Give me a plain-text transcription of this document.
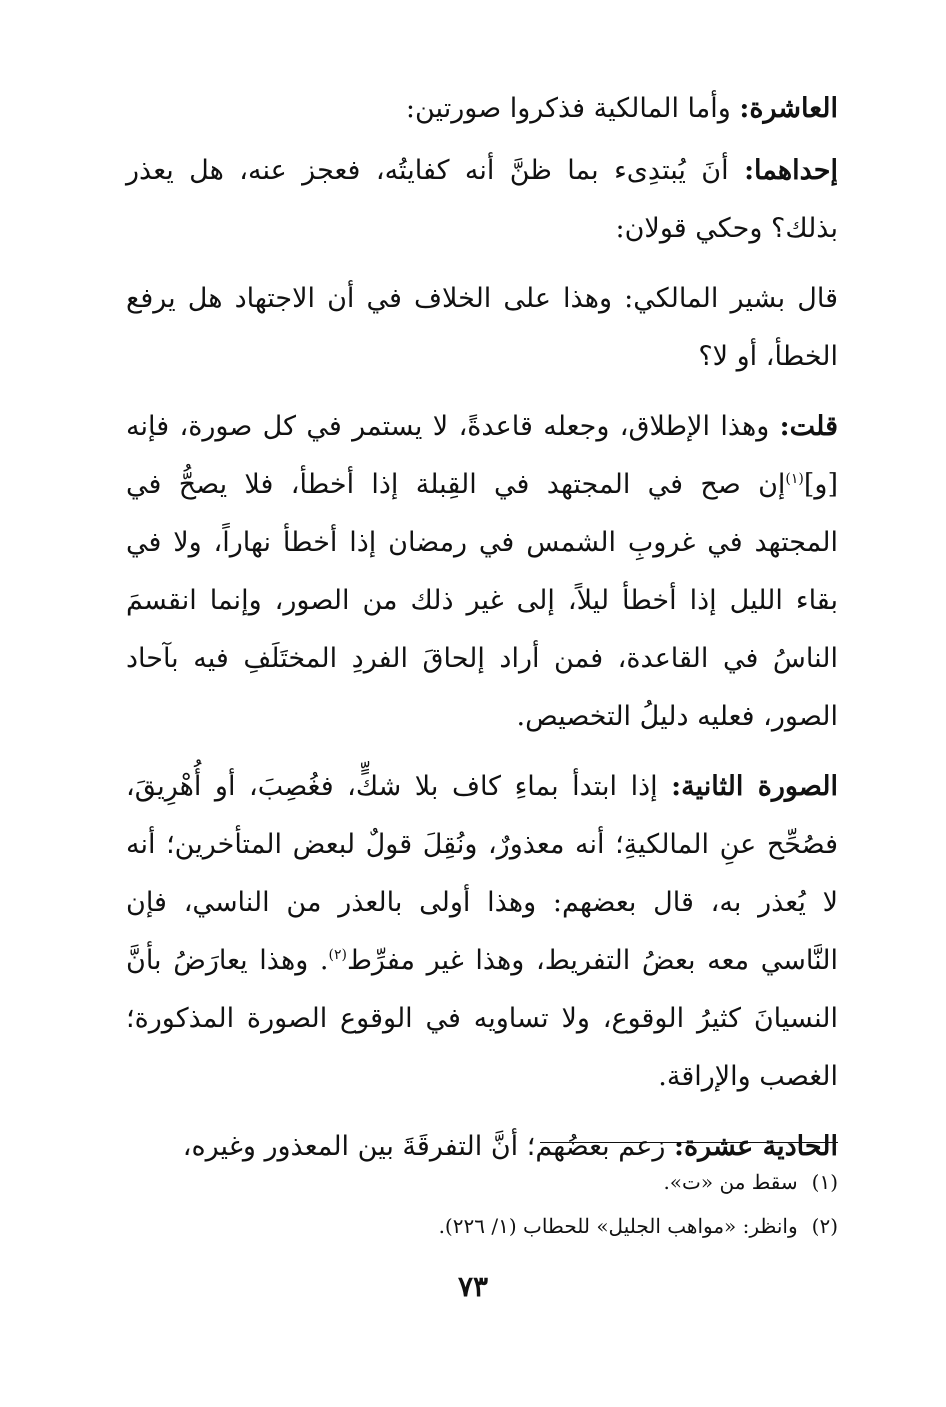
العاشرة: وأما المالكية فذكروا صورتين:

إحداهما: أنَ يُبتدِىء بما ظنَّ أنه كفايتُه، فعجز عنه، هل يعذر بذلك؟ وحكي قولان:

قال بشير المالكي: وهذا على الخلاف في أن الاجتهاد هل يرفع الخطأ، أو لا؟

قلت: وهذا الإطلاق، وجعله قاعدةً، لا يستمر في كل صورة، فإنه [و]$^{(١)}$إن صح في المجتهد في القِبلة إذا أخطأ، فلا يصحُّ في المجتهد في غروبِ الشمس في رمضان إذا أخطأ نهاراً، ولا في بقاء الليل إذا أخطأ ليلاً، إلى غير ذلك من الصور، وإنما انقسمَ الناسُ في القاعدة، فمن أراد إلحاقَ الفردِ المختَلَفِ فيه بآحاد الصور، فعليه دليلُ التخصيص.

الصورة الثانية: إذا ابتدأ بماءِ كاف بلا شكٍّ، فغُصِبَ، أو أُهْرِيقَ، فصُحِّح عنِ المالكيةِ؛ أنه معذورٌ، ونُقِلَ قولٌ لبعض المتأخرين؛ أنه لا يُعذر به، قال بعضهم: وهذا أولى بالعذر من الناسي، فإن النَّاسي معه بعضُ التفريط، وهذا غير مفرِّط$^{(٢)}$. وهذا يعارَضُ بأنَّ النسيانَ كثيرُ الوقوع، ولا تساويه في الوقوع الصورة المذكورة؛ الغصب والإراقة.

الحادية عشرة: زعم بعضُهم؛ أنَّ التفرقَةَ بين المعذور وغيره،

(١)سقط من «ت».
(٢)وانظر: «مواهب الجليل» للحطاب (١/ ٢٢٦).
٧٣
